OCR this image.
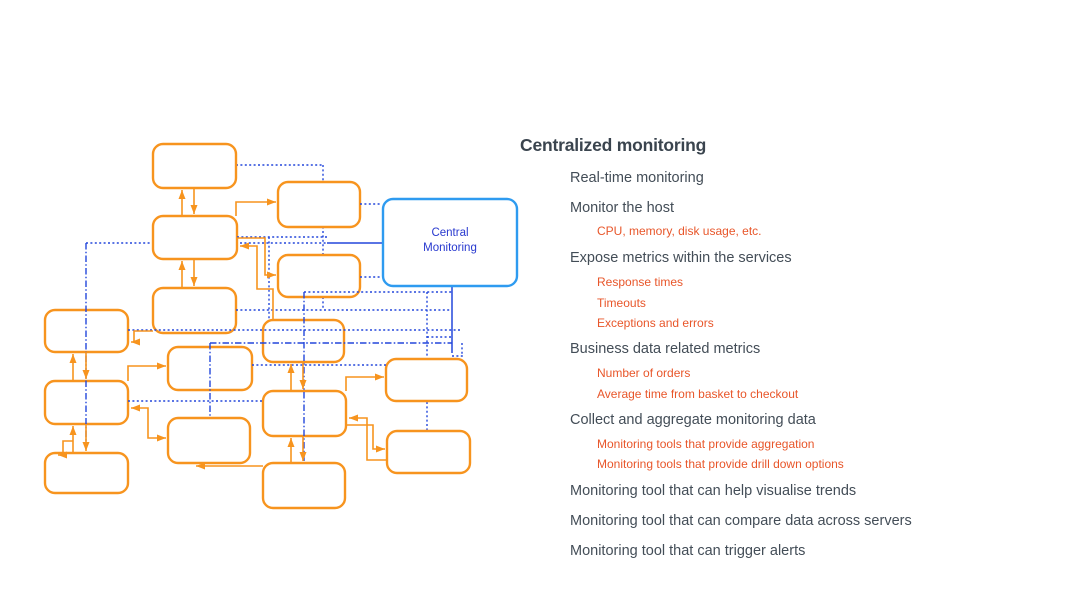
Central Monitoring
Centralized monitoring
Real-time monitoring
Monitor the host
CPU, memory, disk usage, etc.
Expose metrics within the services
Response times
Timeouts
Exceptions and errors
Business data related metrics
Number of orders
Average time from basket to checkout
Collect and aggregate monitoring data
Monitoring tools that provide aggregation
Monitoring tools that provide drill down options
Monitoring tool that can help visualise trends
Monitoring tool that can compare data across servers
Monitoring tool that can trigger alerts
